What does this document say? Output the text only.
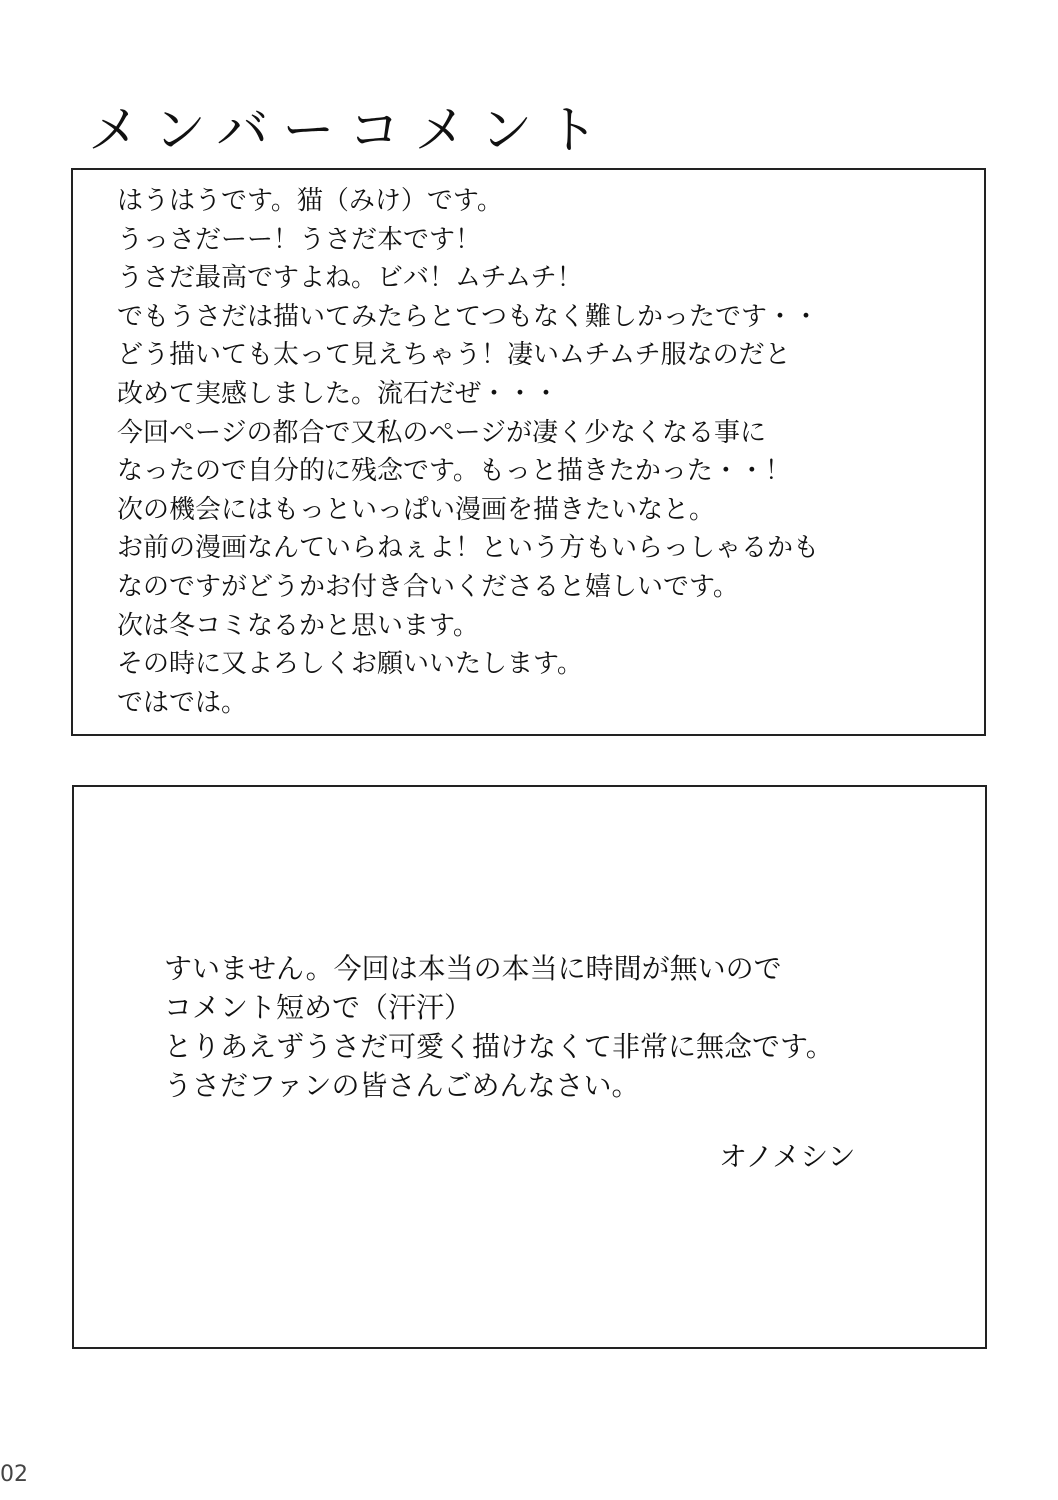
メンバーコメント
はうはうです。猫（みけ）です。
うっさだーー！うさだ本です！
うさだ最高ですよね。ビバ！ムチムチ！
でもうさだは描いてみたらとてつもなく難しかったです・・
どう描いても太って見えちゃう！凄いムチムチ服なのだと
改めて実感しました。流石だぜ・・・
今回ページの都合で又私のページが凄く少なくなる事に
なったので自分的に残念です。もっと描きたかった・・！
次の機会にはもっといっぱい漫画を描きたいなと。
お前の漫画なんていらねぇよ！という方もいらっしゃるかも
なのですがどうかお付き合いくださると嬉しいです。
次は冬コミなるかと思います。
その時に又よろしくお願いいたします。
ではでは。
すいません。今回は本当の本当に時間が無いので
コメント短めで（汗汗）
とりあえずうさだ可愛く描けなくて非常に無念です。
うさだファンの皆さんごめんなさい。
オノメシン
02
